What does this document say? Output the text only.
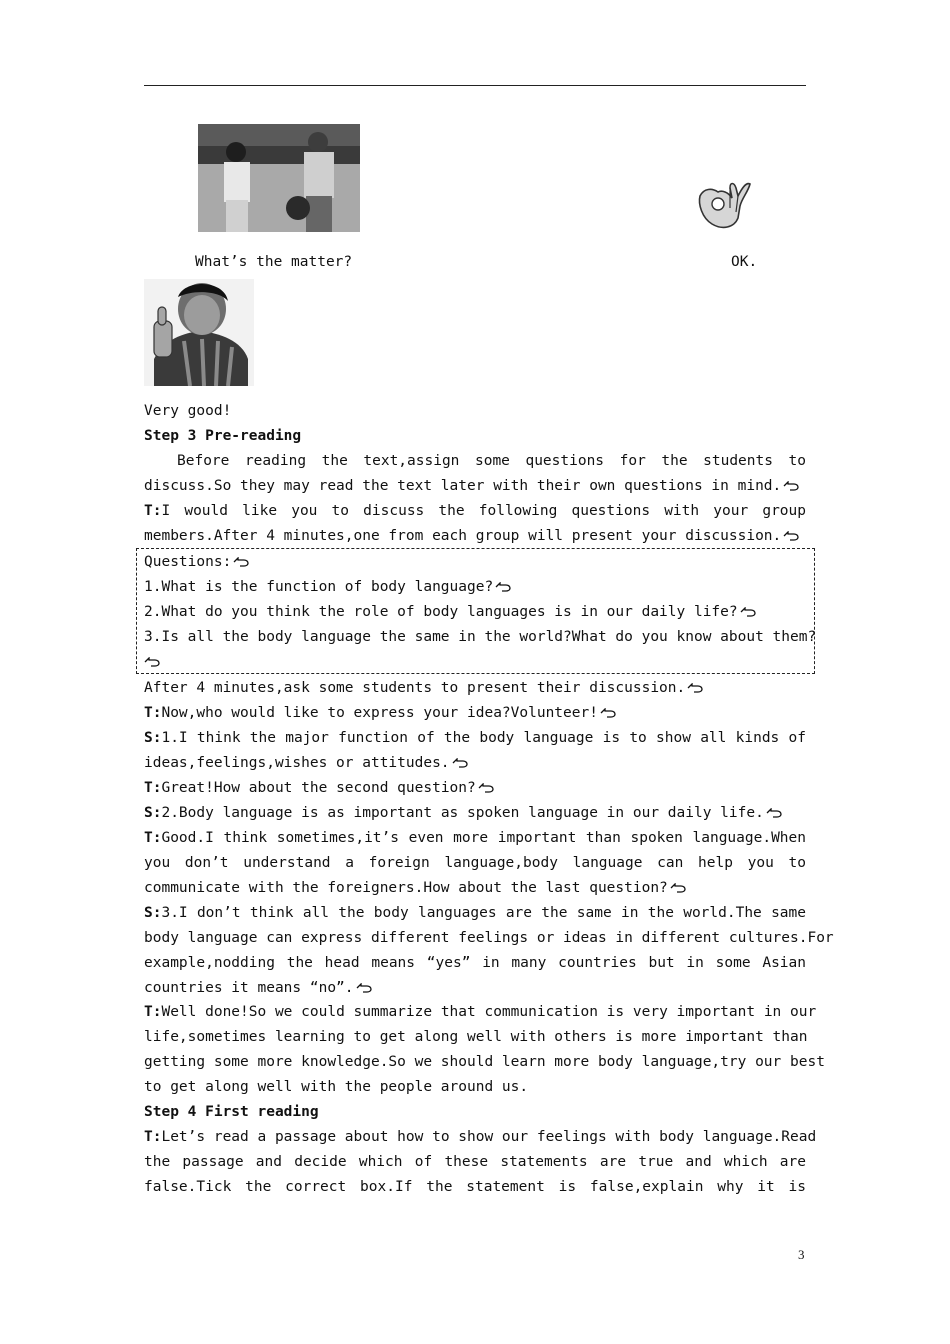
What’s the matter?	OK.
Very good!
Step 3 Pre-reading
Before reading the text,assign some questions for the students to
discuss.So they may read the text later with their own questions in mind.
T:I would like you to discuss the following questions with your group
members.After 4 minutes,one from each group will present your discussion.
Questions:
1.What is the function of body language?
2.What do you think the role of body languages is in our daily life?
3.Is all the body language the same in the world?What do you know about them?
After 4 minutes,ask some students to present their discussion.
T:Now,who would like to express your idea?Volunteer!
S:1.I think the major function of the body language is to show all kinds of
ideas,feelings,wishes or attitudes.
T:Great!How about the second question?
S:2.Body language is as important as spoken language in our daily life.
T:Good.I think sometimes,it’s even more important than spoken language.When
you don’t understand a foreign language,body language can help you to
communicate with the foreigners.How about the last question?
S:3.I don’t think all the body languages are the same in the world.The same
body language can express different feelings or ideas in different cultures.For
example,nodding the head means “yes” in many countries but in some Asian
countries it means “no”.
T:Well done!So we could summarize that communication is very important in our
life,sometimes learning to get along well with others is more important than
getting some more knowledge.So we should learn more body language,try our best
to get along well with the people around us.
Step 4 First reading
T:Let’s read a passage about how to show our feelings with body language.Read
the passage and decide which of these statements are true and which are
false.Tick the correct box.If the statement is false,explain why it is
3
